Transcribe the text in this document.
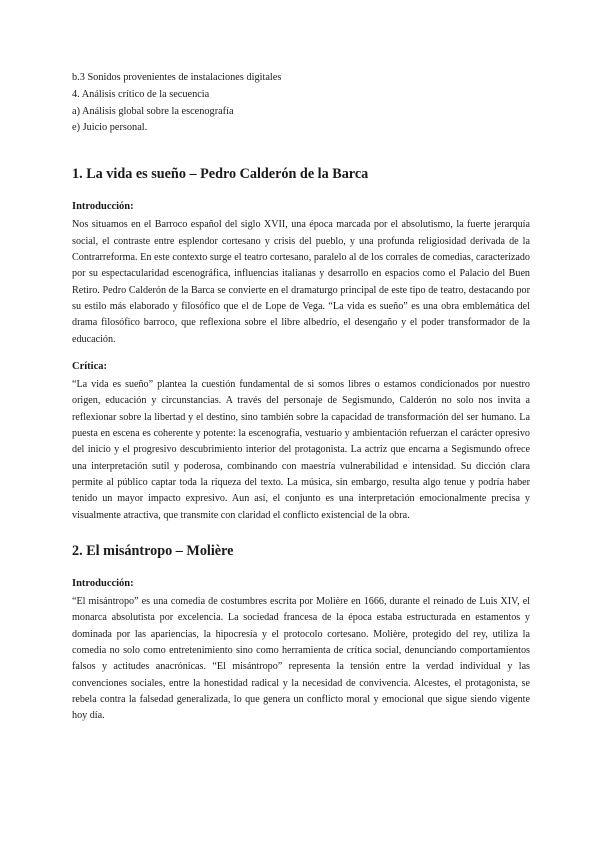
b.3 Sonidos provenientes de instalaciones digitales
4. Análisis crítico de la secuencia
a) Análisis global sobre la escenografía
e) Juicio personal.
1. La vida es sueño – Pedro Calderón de la Barca
Introducción:

Nos situamos en el Barroco español del siglo XVII, una época marcada por el absolutismo, la fuerte jerarquía social, el contraste entre esplendor cortesano y crisis del pueblo, y una profunda religiosidad derivada de la Contrarreforma. En este contexto surge el teatro cortesano, paralelo al de los corrales de comedias, caracterizado por su espectacularidad escenográfica, influencias italianas y desarrollo en espacios como el Palacio del Buen Retiro. Pedro Calderón de la Barca se convierte en el dramaturgo principal de este tipo de teatro, destacando por su estilo más elaborado y filosófico que el de Lope de Vega. “La vida es sueño” es una obra emblemática del drama filosófico barroco, que reflexiona sobre el libre albedrío, el desengaño y el poder transformador de la educación.

Crítica:

“La vida es sueño” plantea la cuestión fundamental de si somos libres o estamos condicionados por nuestro origen, educación y circunstancias. A través del personaje de Segismundo, Calderón no solo nos invita a reflexionar sobre la libertad y el destino, sino también sobre la capacidad de transformación del ser humano. La puesta en escena es coherente y potente: la escenografía, vestuario y ambientación refuerzan el carácter opresivo del inicio y el progresivo descubrimiento interior del protagonista. La actriz que encarna a Segismundo ofrece una interpretación sutil y poderosa, combinando con maestría vulnerabilidad e intensidad. Su dicción clara permite al público captar toda la riqueza del texto. La música, sin embargo, resulta algo tenue y podría haber tenido un mayor impacto expresivo. Aun así, el conjunto es una interpretación emocionalmente precisa y visualmente atractiva, que transmite con claridad el conflicto existencial de la obra.

2. El misántropo – Molière
Introducción:

“El misántropo” es una comedia de costumbres escrita por Molière en 1666, durante el reinado de Luis XIV, el monarca absolutista por excelencia. La sociedad francesa de la época estaba estructurada en estamentos y dominada por las apariencias, la hipocresía y el protocolo cortesano. Molière, protegido del rey, utiliza la comedia no solo como entretenimiento sino como herramienta de crítica social, denunciando comportamientos falsos y actitudes anacrónicas. “El misántropo” representa la tensión entre la verdad individual y las convenciones sociales, entre la honestidad radical y la necesidad de convivencia. Alcestes, el protagonista, se rebela contra la falsedad generalizada, lo que genera un conflicto moral y emocional que sigue siendo vigente hoy día.
